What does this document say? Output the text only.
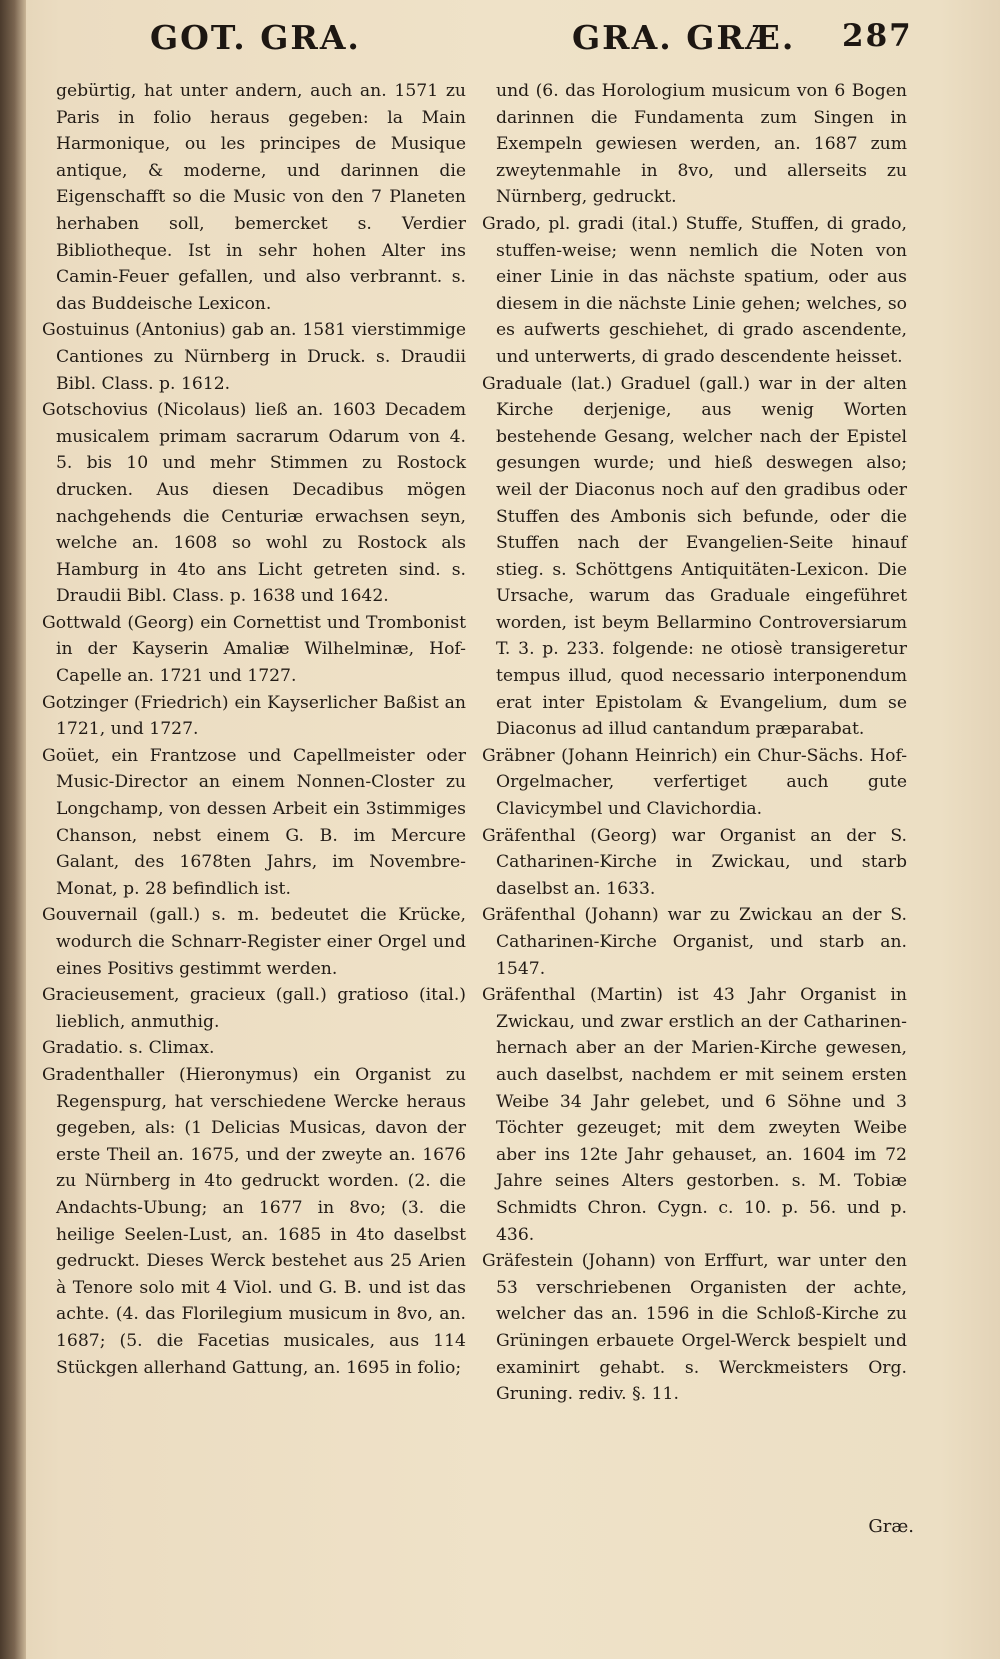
GOT. GRA.	GRA. GRÆ. 287

gebürtig, hat unter andern, auch an. 1571 zu Paris in folio heraus gegeben: la Main Harmonique, ou les principes de Musique antique, & moderne, und darinnen die Eigenschafft so die Music von den 7 Planeten herhaben soll, bemercket s. Verdier Bibliotheque. Ist in sehr hohen Alter ins Camin-Feuer gefallen, und also verbrannt. s. das Buddeische Lexicon.

Gostuinus (Antonius) gab an. 1581 vierstimmige Cantiones zu Nürnberg in Druck. s. Draudii Bibl. Class. p. 1612.

Gotschovius (Nicolaus) ließ an. 1603 Decadem musicalem primam sacrarum Odarum von 4. 5. bis 10 und mehr Stimmen zu Rostock drucken. Aus diesen Decadibus mögen nachgehends die Centuriæ erwachsen seyn, welche an. 1608 so wohl zu Rostock als Hamburg in 4to ans Licht getreten sind. s. Draudii Bibl. Class. p. 1638 und 1642.

Gottwald (Georg) ein Cornettist und Trombonist in der Kayserin Amaliæ Wilhelminæ, Hof-Capelle an. 1721 und 1727.

Gotzinger (Friedrich) ein Kayserlicher Baßist an 1721, und 1727.

Goüet, ein Frantzose und Capellmeister oder Music-Director an einem Nonnen-Closter zu Longchamp, von dessen Arbeit ein 3stimmiges Chanson, nebst einem G. B. im Mercure Galant, des 1678ten Jahrs, im Novembre-Monat, p. 28 befindlich ist.

Gouvernail (gall.) s. m. bedeutet die Krücke, wodurch die Schnarr-Register einer Orgel und eines Positivs gestimmt werden.

Gracieusement, gracieux (gall.) gratioso (ital.) lieblich, anmuthig.

Gradatio. s. Climax.

Gradenthaller (Hieronymus) ein Organist zu Regenspurg, hat verschiedene Wercke heraus gegeben, als: (1 Delicias Musicas, davon der erste Theil an. 1675, und der zweyte an. 1676 zu Nürnberg in 4to gedruckt worden. (2. die Andachts-Ubung; an 1677 in 8vo; (3. die heilige Seelen-Lust, an. 1685 in 4to daselbst gedruckt. Dieses Werck bestehet aus 25 Arien à Tenore solo mit 4 Viol. und G. B. und ist das achte. (4. das Florilegium musicum in 8vo, an. 1687; (5. die Facetias musicales, aus 114 Stückgen allerhand Gattung, an. 1695 in folio;

und (6. das Horologium musicum von 6 Bogen darinnen die Fundamenta zum Singen in Exempeln gewiesen werden, an. 1687 zum zweytenmahle in 8vo, und allerseits zu Nürnberg, gedruckt.

Grado, pl. gradi (ital.) Stuffe, Stuffen, di grado, stuffen-weise; wenn nemlich die Noten von einer Linie in das nächste spatium, oder aus diesem in die nächste Linie gehen; welches, so es aufwerts geschiehet, di grado ascendente, und unterwerts, di grado descendente heisset.

Graduale (lat.) Graduel (gall.) war in der alten Kirche derjenige, aus wenig Worten bestehende Gesang, welcher nach der Epistel gesungen wurde; und hieß deswegen also; weil der Diaconus noch auf den gradibus oder Stuffen des Ambonis sich befunde, oder die Stuffen nach der Evangelien-Seite hinauf stieg. s. Schöttgens Antiquitäten-Lexicon. Die Ursache, warum das Graduale eingeführet worden, ist beym Bellarmino Controversiarum T. 3. p. 233. folgende: ne otiosè transigeretur tempus illud, quod necessario interponendum erat inter Epistolam & Evangelium, dum se Diaconus ad illud cantandum præparabat.

Gräbner (Johann Heinrich) ein Chur-Sächs. Hof-Orgelmacher, verfertiget auch gute Clavicymbel und Clavichordia.

Gräfenthal (Georg) war Organist an der S. Catharinen-Kirche in Zwickau, und starb daselbst an. 1633.

Gräfenthal (Johann) war zu Zwickau an der S. Catharinen-Kirche Organist, und starb an. 1547.

Gräfenthal (Martin) ist 43 Jahr Organist in Zwickau, und zwar erstlich an der Catharinen-hernach aber an der Marien-Kirche gewesen, auch daselbst, nachdem er mit seinem ersten Weibe 34 Jahr gelebet, und 6 Söhne und 3 Töchter gezeuget; mit dem zweyten Weibe aber ins 12te Jahr gehauset, an. 1604 im 72 Jahre seines Alters gestorben. s. M. Tobiæ Schmidts Chron. Cygn. c. 10. p. 56. und p. 436.

Gräfestein (Johann) von Erffurt, war unter den 53 verschriebenen Organisten der achte, welcher das an. 1596 in die Schloß-Kirche zu Grüningen erbauete Orgel-Werck bespielt und examinirt gehabt. s. Werckmeisters Org. Gruning. rediv. §. 11.

Græ.
